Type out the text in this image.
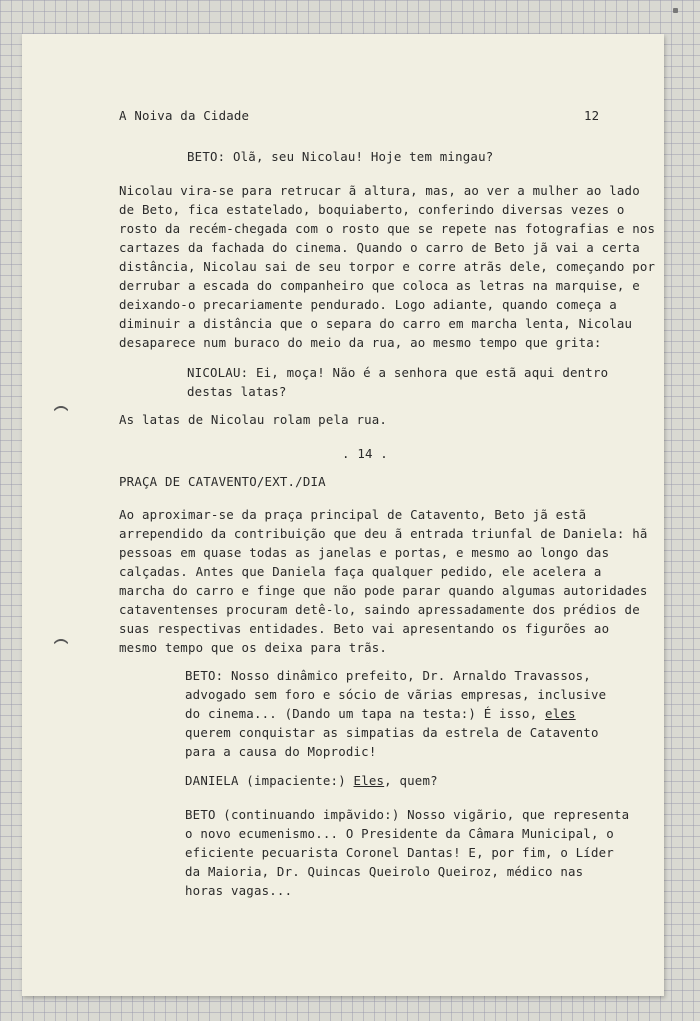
A Noiva da Cidade	12
BETO: Olã, seu Nicolau! Hoje tem mingau?
Nicolau vira-se para retrucar ã altura, mas, ao ver a mulher ao lado
de Beto, fica estatelado, boquiaberto, conferindo diversas vezes o
rosto da recém-chegada com o rosto que se repete nas fotografias e nos
cartazes da fachada do cinema. Quando o carro de Beto jã vai a certa
distância, Nicolau sai de seu torpor e corre atrãs dele, começando por
derrubar a escada do companheiro que coloca as letras na marquise, e
deixando-o precariamente pendurado. Logo adiante, quando começa a
diminuir a distância que o separa do carro em marcha lenta, Nicolau
desaparece num buraco do meio da rua, ao mesmo tempo que grita:
NICOLAU: Ei, moça! Não é a senhora que estã aqui dentro
destas latas?
As latas de Nicolau rolam pela rua.
. 14 .
PRAÇA DE CATAVENTO/EXT./DIA
Ao aproximar-se da praça principal de Catavento, Beto jã estã
arrependido da contribuição que deu ã entrada triunfal de Daniela: hã
pessoas em quase todas as janelas e portas, e mesmo ao longo das
calçadas. Antes que Daniela faça qualquer pedido, ele acelera a
marcha do carro e finge que não pode parar quando algumas autoridades
cataventenses procuram detê-lo, saindo apressadamente dos prédios de
suas respectivas entidades. Beto vai apresentando os figurões ao
mesmo tempo que os deixa para trãs.
BETO: Nosso dinâmico prefeito, Dr. Arnaldo Travassos,
advogado sem foro e sócio de vãrias empresas, inclusive
do cinema... (Dando um tapa na testa:) É isso, eles
querem conquistar as simpatias da estrela de Catavento
para a causa do Moprodic!
DANIELA (impaciente:) Eles, quem?
BETO (continuando impãvido:) Nosso vigãrio, que representa
o novo ecumenismo... O Presidente da Câmara Municipal, o
eficiente pecuarista Coronel Dantas! E, por fim, o Líder
da Maioria, Dr. Quincas Queirolo Queiroz, médico nas
horas vagas...
